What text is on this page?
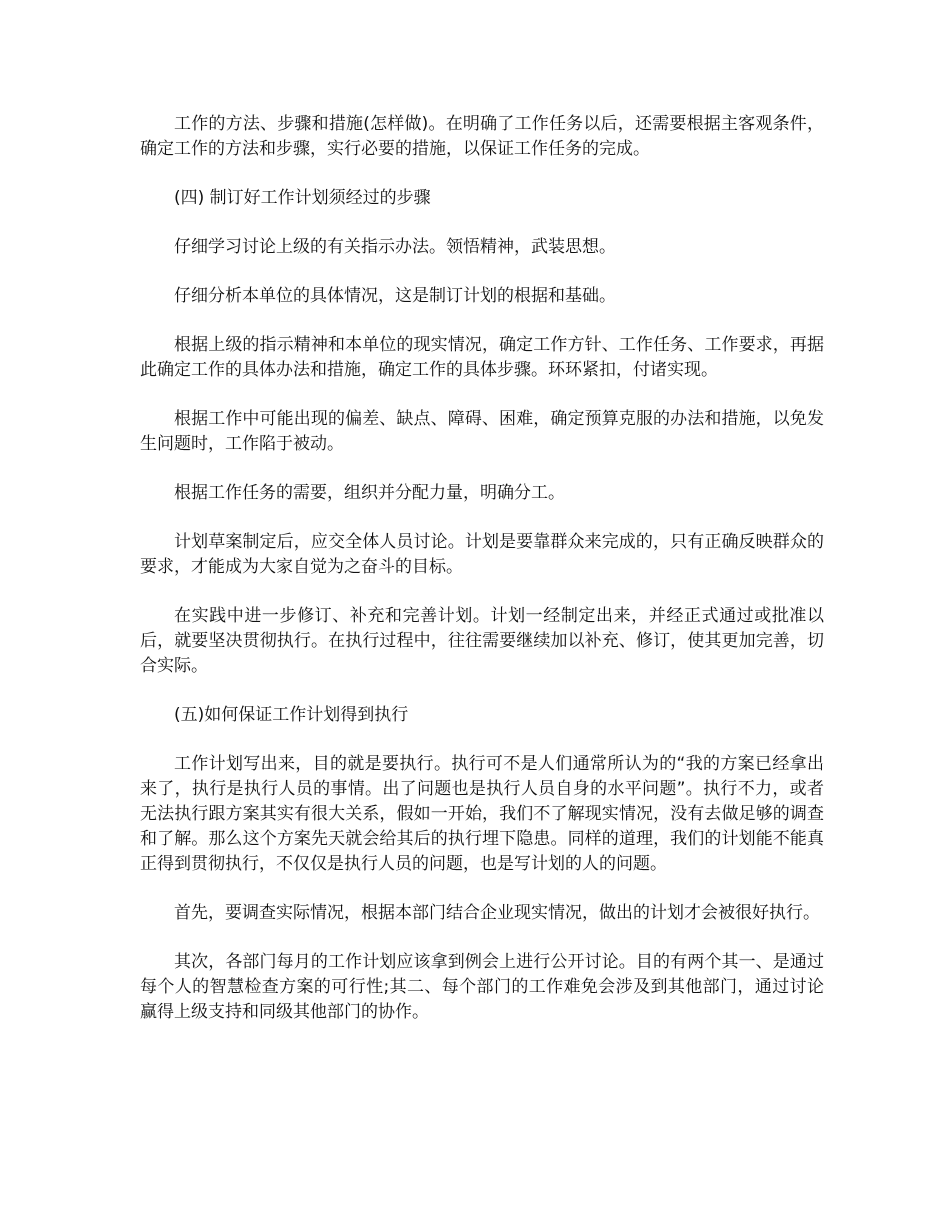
工作的方法、步骤和措施(怎样做)。在明确了工作任务以后，还需要根据主客观条件，确定工作的方法和步骤，实行必要的措施，以保证工作任务的完成。

(四) 制订好工作计划须经过的步骤

仔细学习讨论上级的有关指示办法。领悟精神，武装思想。

仔细分析本单位的具体情况，这是制订计划的根据和基础。

根据上级的指示精神和本单位的现实情况，确定工作方针、工作任务、工作要求，再据此确定工作的具体办法和措施，确定工作的具体步骤。环环紧扣，付诸实现。

根据工作中可能出现的偏差、缺点、障碍、困难，确定预算克服的办法和措施，以免发生问题时，工作陷于被动。

根据工作任务的需要，组织并分配力量，明确分工。

计划草案制定后，应交全体人员讨论。计划是要靠群众来完成的，只有正确反映群众的要求，才能成为大家自觉为之奋斗的目标。

在实践中进一步修订、补充和完善计划。计划一经制定出来，并经正式通过或批准以后，就要坚决贯彻执行。在执行过程中，往往需要继续加以补充、修订，使其更加完善，切合实际。

(五)如何保证工作计划得到执行

工作计划写出来，目的就是要执行。执行可不是人们通常所认为的“我的方案已经拿出来了，执行是执行人员的事情。出了问题也是执行人员自身的水平问题”。执行不力，或者无法执行跟方案其实有很大关系，假如一开始，我们不了解现实情况，没有去做足够的调查和了解。那么这个方案先天就会给其后的执行埋下隐患。同样的道理，我们的计划能不能真正得到贯彻执行，不仅仅是执行人员的问题，也是写计划的人的问题。

首先，要调查实际情况，根据本部门结合企业现实情况，做出的计划才会被很好执行。

其次，各部门每月的工作计划应该拿到例会上进行公开讨论。目的有两个其一、是通过每个人的智慧检查方案的可行性;其二、每个部门的工作难免会涉及到其他部门，通过讨论赢得上级支持和同级其他部门的协作。
